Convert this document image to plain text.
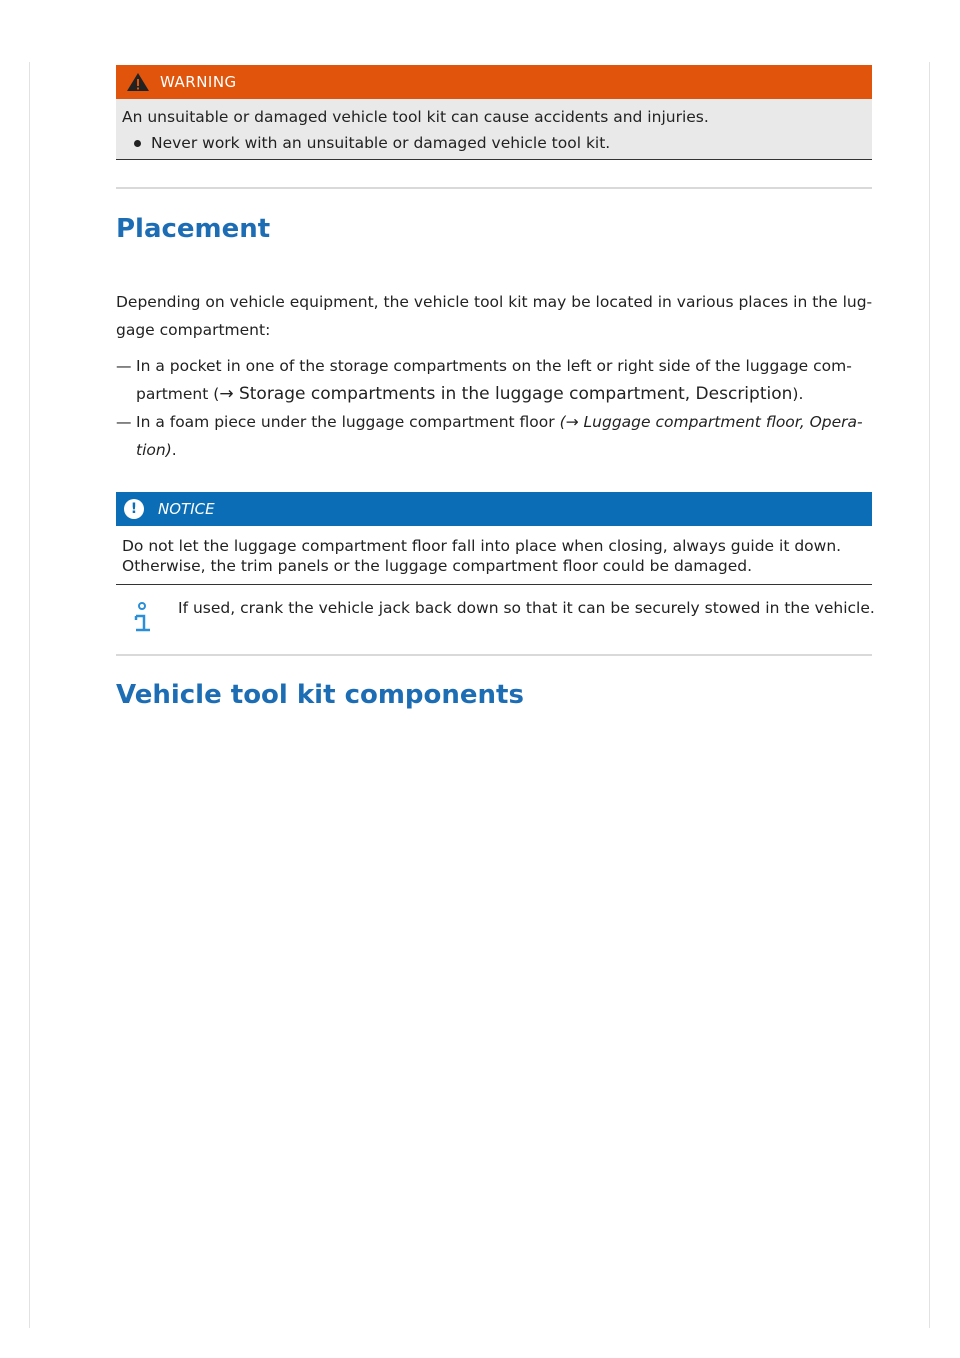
WARNING

An unsuitable or damaged vehicle tool kit can cause accidents and injuries.

Never work with an unsuitable or damaged vehicle tool kit.
Placement
Depending on vehicle equipment, the vehicle tool kit may be located in various places in the lug-
gage compartment:
— In a pocket in one of the storage compartments on the left or right side of the luggage com-
partment (→ Storage compartments in the luggage compartment, Description).
— In a foam piece under the luggage compartment floor (→ Luggage compartment floor, Opera-
tion).
!	NOTICE

Do not let the luggage compartment floor fall into place when closing, always guide it down.

Otherwise, the trim panels or the luggage compartment floor could be damaged.

If used, crank the vehicle jack back down so that it can be securely stowed in the vehicle.
Vehicle tool kit components
